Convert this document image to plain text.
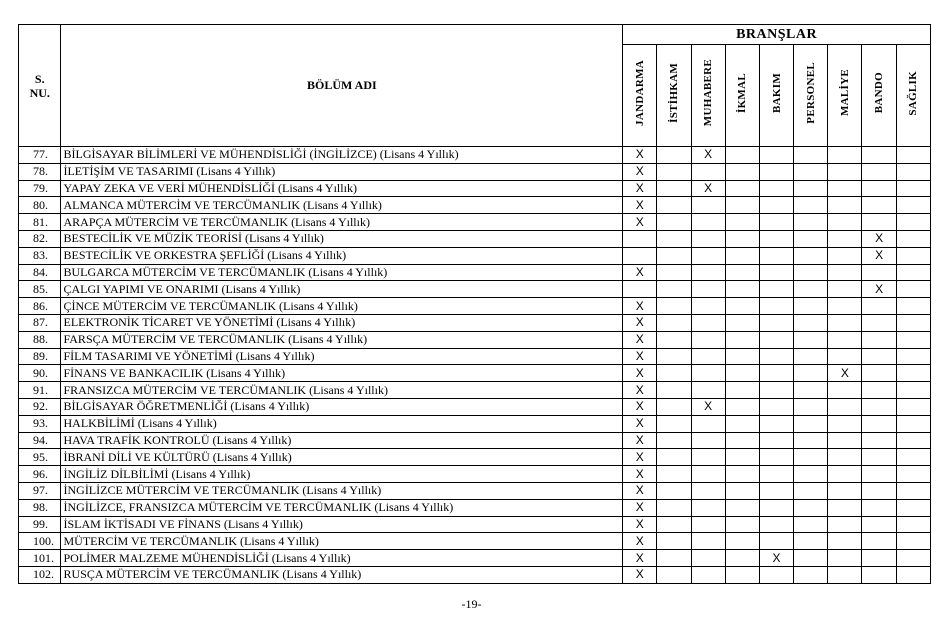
S.
NU.	BÖLÜM ADI	BRANŞLAR								
		JANDARMA	İSTİHKAM	MUHABERE	İKMAL	BAKIM	PERSONEL	MALİYE	BANDO	SAĞLIK
77.	BİLGİSAYAR BİLİMLERİ VE MÜHENDİSLİĞİ (İNGİLİZCE) (Lisans 4 Yıllık)	X		X						
78.	İLETİŞİM VE TASARIMI (Lisans 4 Yıllık)	X								
79.	YAPAY ZEKA VE VERİ MÜHENDİSLİĞİ (Lisans 4 Yıllık)	X		X						
80.	ALMANCA MÜTERCİM VE TERCÜMANLIK (Lisans 4 Yıllık)	X								
81.	ARAPÇA MÜTERCİM VE TERCÜMANLIK (Lisans 4 Yıllık)	X								
82.	BESTECİLİK VE MÜZİK TEORİSİ (Lisans 4 Yıllık)								X	
83.	BESTECİLİK VE ORKESTRA ŞEFLİĞİ (Lisans 4 Yıllık)								X	
84.	BULGARCA MÜTERCİM VE TERCÜMANLIK (Lisans 4 Yıllık)	X								
85.	ÇALGI YAPIMI VE ONARIMI (Lisans 4 Yıllık)								X	
86.	ÇİNCE MÜTERCİM VE TERCÜMANLIK (Lisans 4 Yıllık)	X								
87.	ELEKTRONİK TİCARET VE YÖNETİMİ (Lisans 4 Yıllık)	X								
88.	FARSÇA MÜTERCİM VE TERCÜMANLIK (Lisans 4 Yıllık)	X								
89.	FİLM TASARIMI VE YÖNETİMİ (Lisans 4 Yıllık)	X								
90.	FİNANS VE BANKACILIK (Lisans 4 Yıllık)	X						X		
91.	FRANSIZCA MÜTERCİM VE TERCÜMANLIK (Lisans 4 Yıllık)	X								
92.	BİLGİSAYAR ÖĞRETMENLİĞİ (Lisans 4 Yıllık)	X		X						
93.	HALKBİLİMİ (Lisans 4 Yıllık)	X								
94.	HAVA TRAFİK KONTROLÜ (Lisans 4 Yıllık)	X								
95.	İBRANİ DİLİ VE KÜLTÜRÜ (Lisans 4 Yıllık)	X								
96.	İNGİLİZ DİLBİLİMİ (Lisans 4 Yıllık)	X								
97.	İNGİLİZCE MÜTERCİM VE TERCÜMANLIK (Lisans 4 Yıllık)	X								
98.	İNGİLİZCE, FRANSIZCA MÜTERCİM VE TERCÜMANLIK (Lisans 4 Yıllık)	X								
99.	İSLAM İKTİSADI VE FİNANS (Lisans 4 Yıllık)	X								
100.	MÜTERCİM VE TERCÜMANLIK (Lisans 4 Yıllık)	X								
101.	POLİMER MALZEME MÜHENDİSLİĞİ (Lisans 4 Yıllık)	X				X				
102.	RUSÇA MÜTERCİM VE TERCÜMANLIK (Lisans 4 Yıllık)	X								
-19-
